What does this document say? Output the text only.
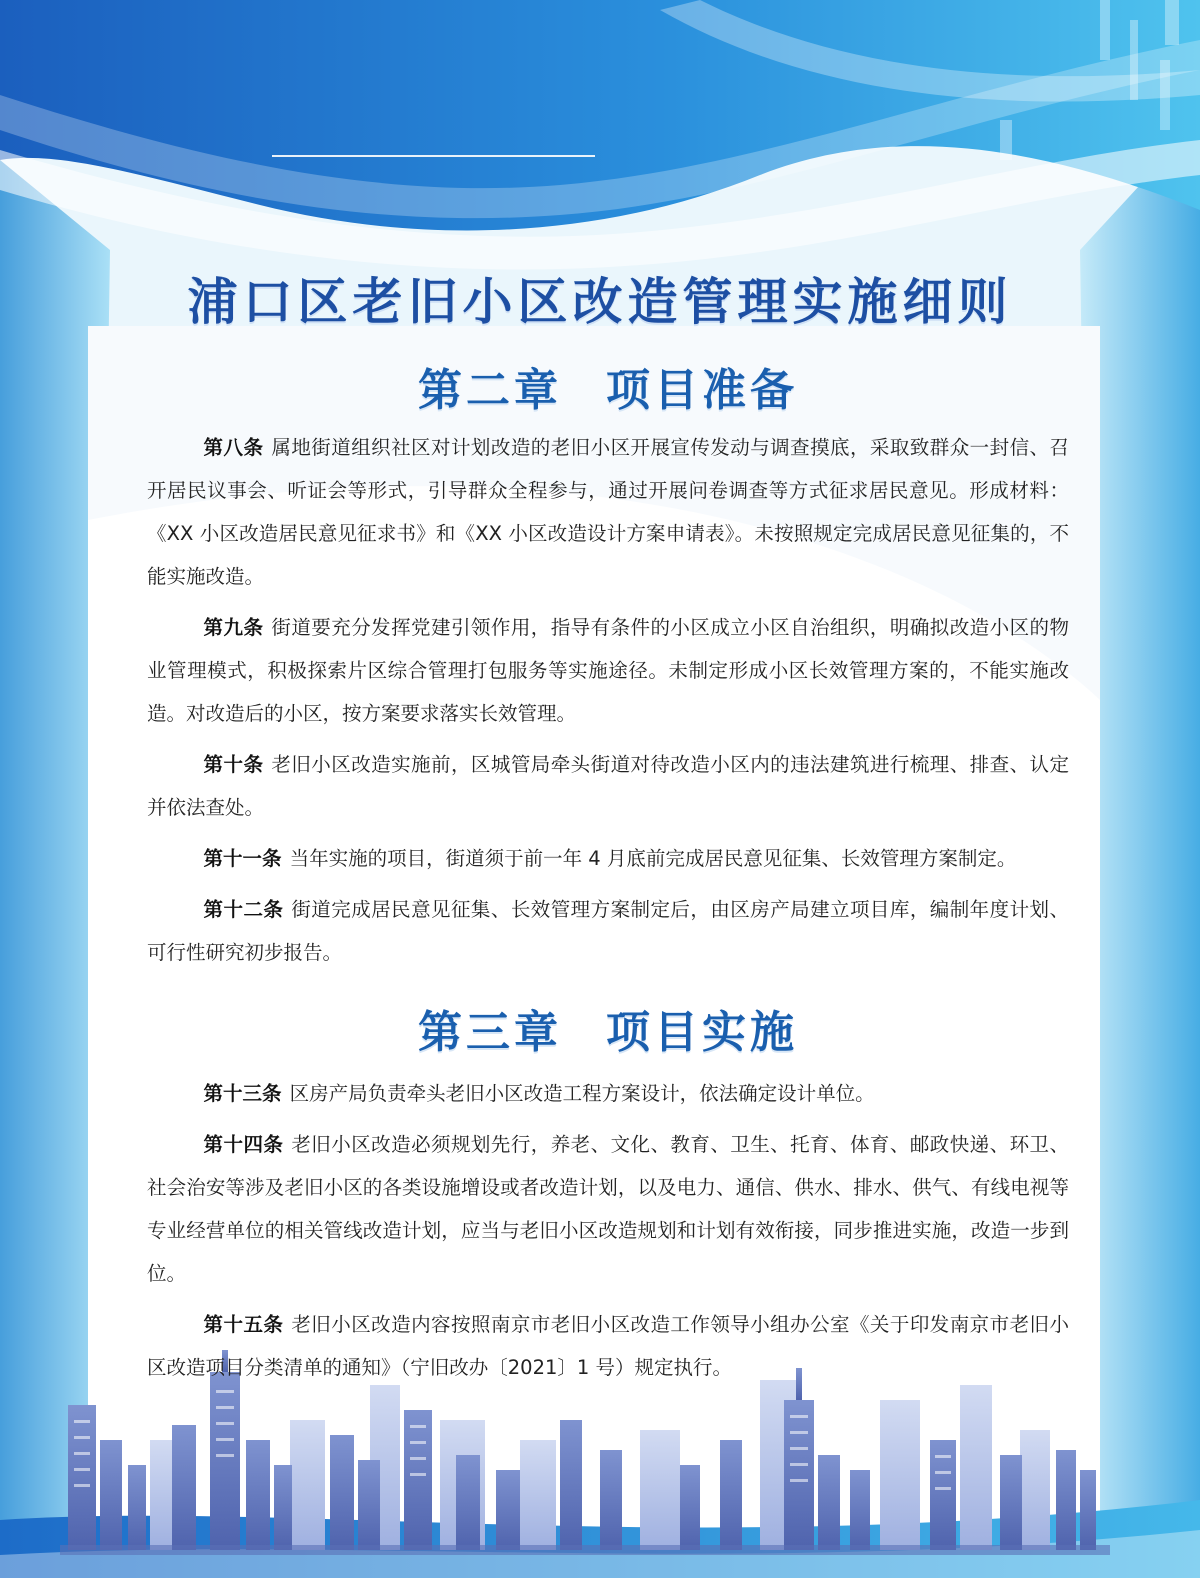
浦口区老旧小区改造管理实施细则
第二章 项目准备

第八条 属地街道组织社区对计划改造的老旧小区开展宣传发动与调查摸底，采取致群众一封信、召开居民议事会、听证会等形式，引导群众全程参与，通过开展问卷调查等方式征求居民意见。形成材料：《XX 小区改造居民意见征求书》和《XX 小区改造设计方案申请表》。未按照规定完成居民意见征集的，不能实施改造。

第九条 街道要充分发挥党建引领作用，指导有条件的小区成立小区自治组织，明确拟改造小区的物业管理模式，积极探索片区综合管理打包服务等实施途径。未制定形成小区长效管理方案的，不能实施改造。对改造后的小区，按方案要求落实长效管理。

第十条 老旧小区改造实施前，区城管局牵头街道对待改造小区内的违法建筑进行梳理、排查、认定并依法查处。

第十一条 当年实施的项目，街道须于前一年 4 月底前完成居民意见征集、长效管理方案制定。

第十二条 街道完成居民意见征集、长效管理方案制定后，由区房产局建立项目库，编制年度计划、可行性研究初步报告。

第三章 项目实施

第十三条 区房产局负责牵头老旧小区改造工程方案设计，依法确定设计单位。

第十四条 老旧小区改造必须规划先行，养老、文化、教育、卫生、托育、体育、邮政快递、环卫、社会治安等涉及老旧小区的各类设施增设或者改造计划，以及电力、通信、供水、排水、供气、有线电视等专业经营单位的相关管线改造计划，应当与老旧小区改造规划和计划有效衔接，同步推进实施，改造一步到位。

第十五条 老旧小区改造内容按照南京市老旧小区改造工作领导小组办公室《关于印发南京市老旧小区改造项目分类清单的通知》（宁旧改办〔2021〕1 号）规定执行。
